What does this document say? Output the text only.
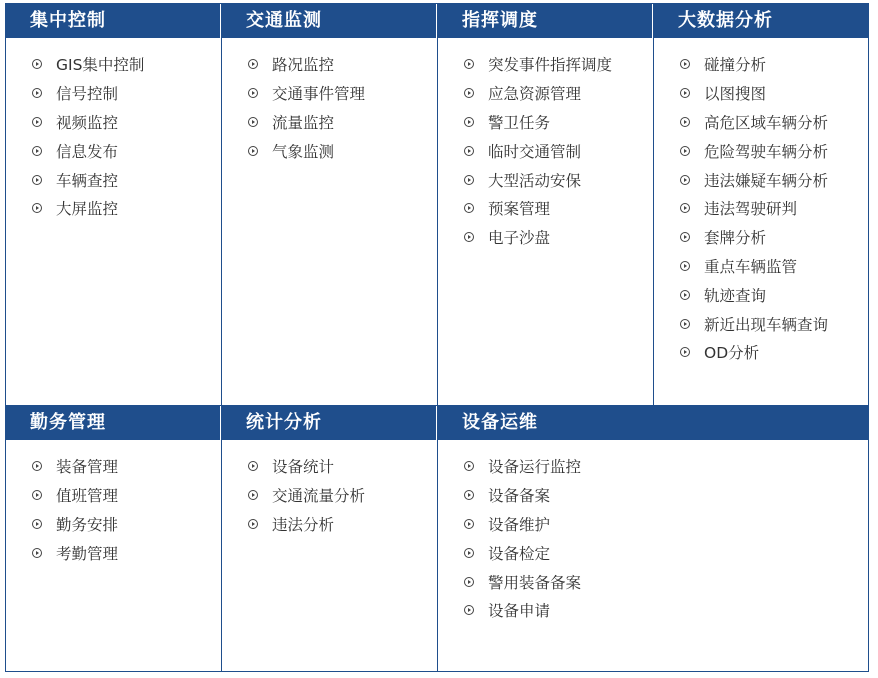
集中控制
GIS集中控制
信号控制
视频监控
信息发布
车辆查控
大屏监控
交通监测
路况监控
交通事件管理
流量监控
气象监测
指挥调度
突发事件指挥调度
应急资源管理
警卫任务
临时交通管制
大型活动安保
预案管理
电子沙盘
大数据分析
碰撞分析
以图搜图
高危区域车辆分析
危险驾驶车辆分析
违法嫌疑车辆分析
违法驾驶研判
套牌分析
重点车辆监管
轨迹查询
新近出现车辆查询
OD分析
勤务管理
装备管理
值班管理
勤务安排
考勤管理
统计分析
设备统计
交通流量分析
违法分析
设备运维
设备运行监控
设备备案
设备维护
设备检定
警用装备备案
设备申请
